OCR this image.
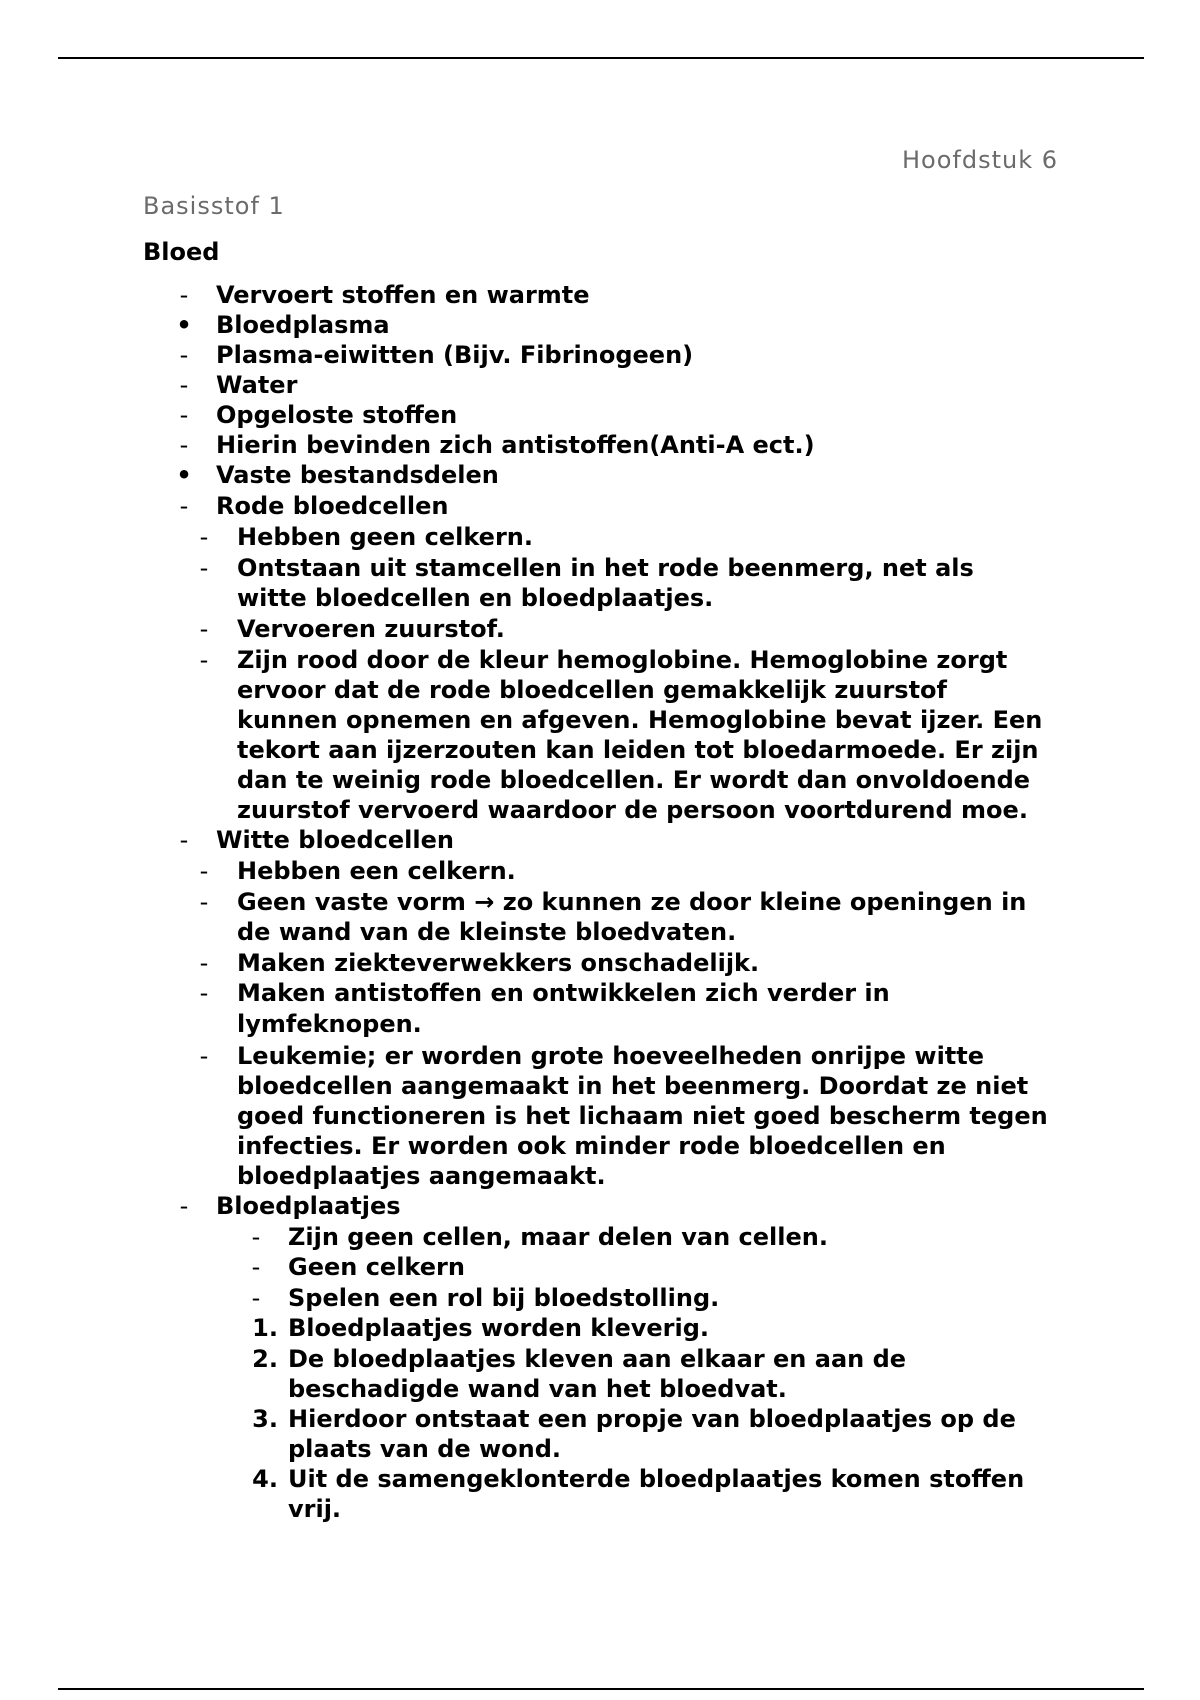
Hoofdstuk 6
Basisstof 1
Bloed
-	Vervoert stoffen en warmte
• Bloedplasma
-	Plasma-eiwitten (Bijv. Fibrinogeen)
-	Water
-	Opgeloste stoffen
-	Hierin bevinden zich antistoffen(Anti-A ect.)
• Vaste bestandsdelen
-	Rode bloedcellen
-	Hebben geen celkern.
-	Ontstaan uit stamcellen in het rode beenmerg, net als
witte bloedcellen en bloedplaatjes.
-	Vervoeren zuurstof.
-	Zijn rood door de kleur hemoglobine. Hemoglobine zorgt
ervoor dat de rode bloedcellen gemakkelijk zuurstof
kunnen opnemen en afgeven. Hemoglobine bevat ijzer. Een
tekort aan ijzerzouten kan leiden tot bloedarmoede. Er zijn
dan te weinig rode bloedcellen. Er wordt dan onvoldoende
zuurstof vervoerd waardoor de persoon voortdurend moe.
-	Witte bloedcellen
-	Hebben een celkern.
-	Geen vaste vorm → zo kunnen ze door kleine openingen in
de wand van de kleinste bloedvaten.
-	Maken ziekteverwekkers onschadelijk.
-	Maken antistoffen en ontwikkelen zich verder in
lymfeknopen.
-	Leukemie; er worden grote hoeveelheden onrijpe witte
bloedcellen aangemaakt in het beenmerg. Doordat ze niet
goed functioneren is het lichaam niet goed bescherm tegen
infecties. Er worden ook minder rode bloedcellen en
bloedplaatjes aangemaakt.
-	Bloedplaatjes
-	Zijn geen cellen, maar delen van cellen.
-	Geen celkern
-	Spelen een rol bij bloedstolling.
1. Bloedplaatjes worden kleverig.
2. De bloedplaatjes kleven aan elkaar en aan de
beschadigde wand van het bloedvat.
3. Hierdoor ontstaat een propje van bloedplaatjes op de
plaats van de wond.
4. Uit de samengeklonterde bloedplaatjes komen stoffen
vrij.
